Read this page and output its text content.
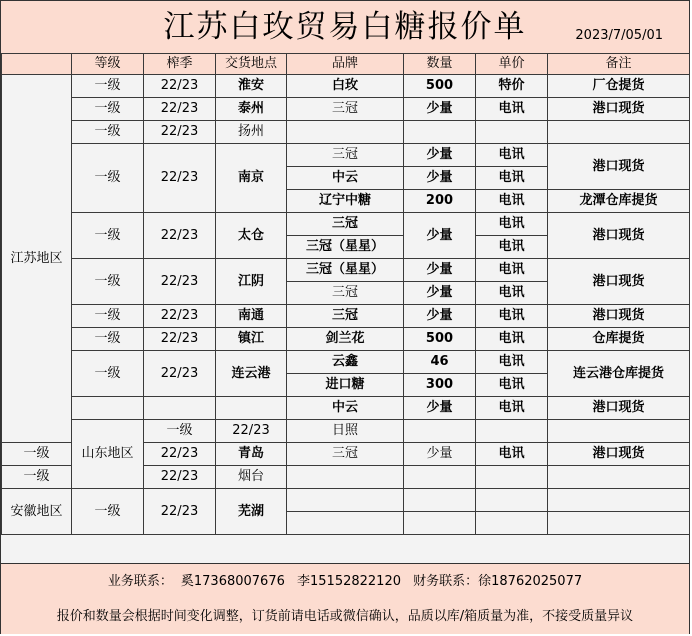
江苏白玫贸易白糖报价单	2023/7/05/01
	等级	榨季	交货地点	品牌	数量	单价	备注	
江苏地区	一级	22/23	淮安	白玫	500	特价	厂仓提货	
	一级	22/23	泰州	三冠	少量	电讯	港口现货	
	一级	22/23	扬州					
	一级	22/23	南京	三冠	少量	电讯	港口现货	
				中云	少量	电讯		
				辽宁中糖	200	电讯	龙潭仓库提货	
	一级	22/23	太仓	三冠	少量	电讯	港口现货	
				三冠（星星）		电讯		
	一级	22/23	江阴	三冠（星星）	少量	电讯	港口现货	
				三冠	少量	电讯		
	一级	22/23	南通	三冠	少量	电讯	港口现货	
	一级	22/23	镇江	剑兰花	500	电讯	仓库提货	
	一级	22/23	连云港	云鑫	46	电讯	连云港仓库提货	
				进口糖	300	电讯		
				中云	少量	电讯	港口现货	
	山东地区	一级	22/23	日照				
一级		22/23	青岛	三冠	少量	电讯	港口现货	
一级		22/23	烟台					
安徽地区	一级	22/23	芜湖					

业务联系： 奚17368007676 李15152822120 财务联系：徐18762025077
报价和数量会根据时间变化调整，订货前请电话或微信确认，品质以库/箱质量为准，不接受质量异议
